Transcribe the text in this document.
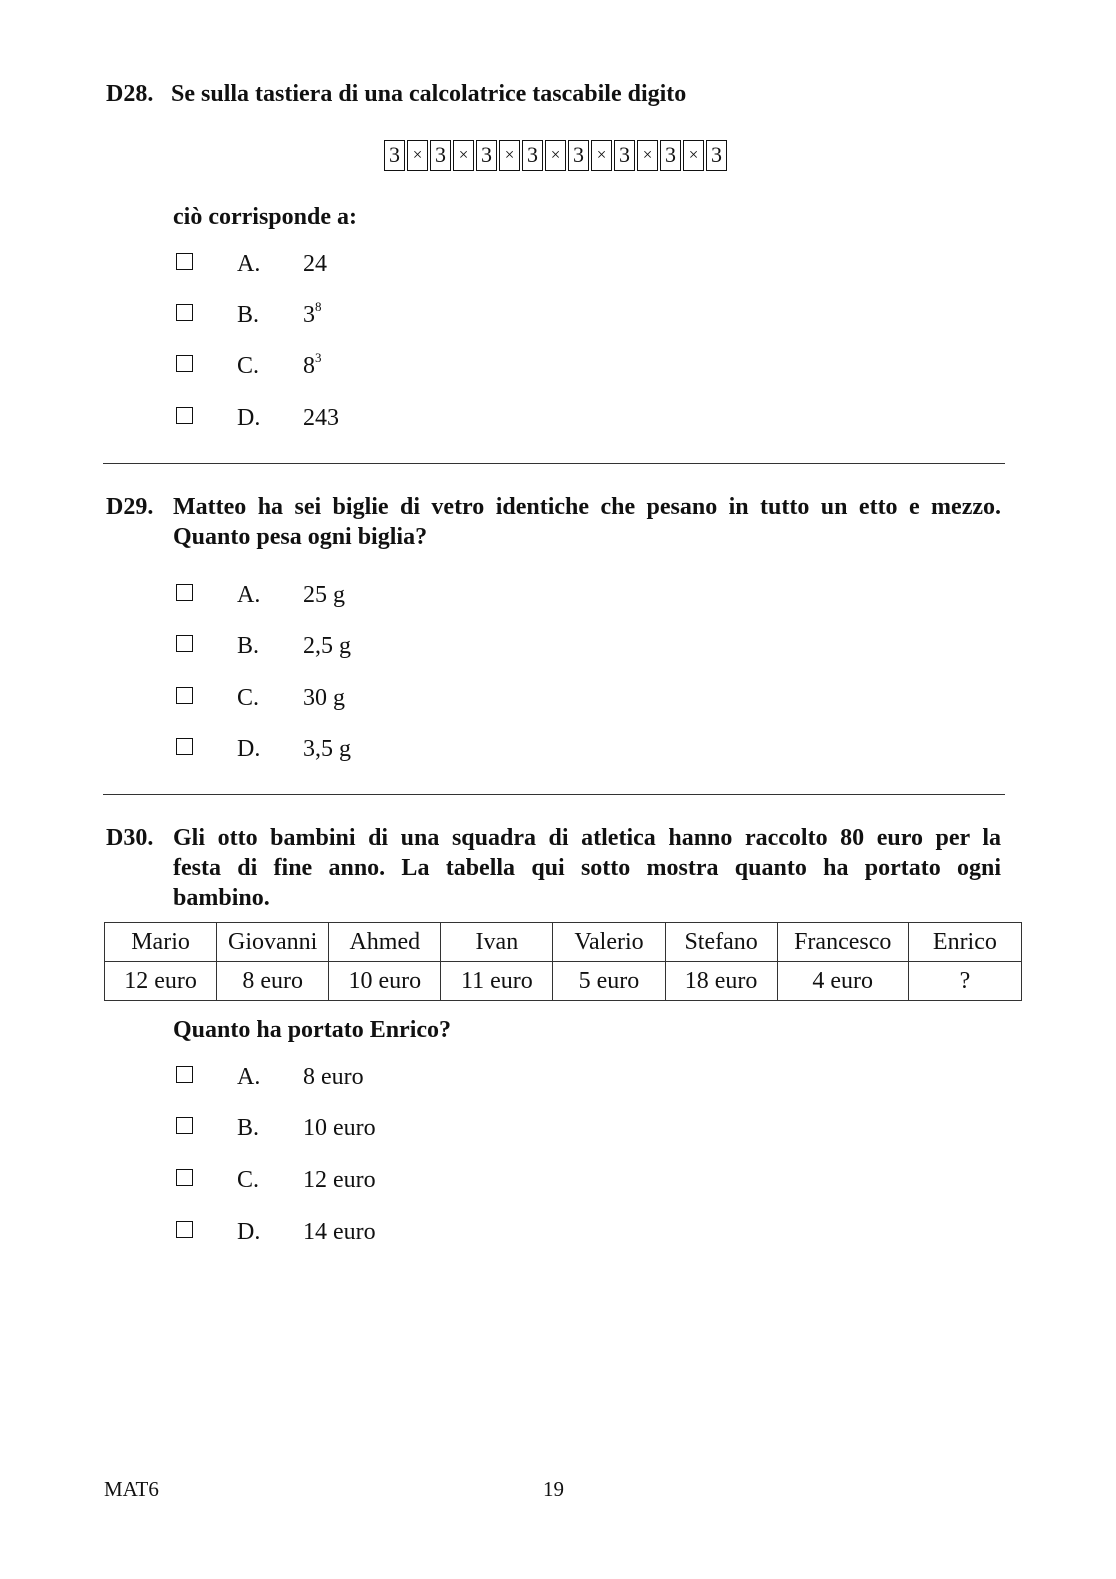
D28. Se sulla tastiera di una calcolatrice tascabile digito
3 × 3 × 3 × 3 × 3 × 3 × 3 × 3
ciò corrisponde a:
A. 24
B. $3^8$
C. $8^3$
D. 243
D29. Matteo ha sei biglie di vetro identiche che pesano in tutto un etto e mezzo.
Quanto pesa ogni biglia?
A. 25 g
B. 2,5 g
C. 30 g
D. 3,5 g
D30. Gli otto bambini di una squadra di atletica hanno raccolto 80 euro per la
festa di fine anno. La tabella qui sotto mostra quanto ha portato ogni
bambino.
Mario	Giovanni	Ahmed	Ivan	Valerio	Stefano	Francesco	Enrico
12 euro	8 euro	10 euro	11 euro	5 euro	18 euro	4 euro	?
Quanto ha portato Enrico?
A. 8 euro
B. 10 euro
C. 12 euro
D. 14 euro
MAT6	19
